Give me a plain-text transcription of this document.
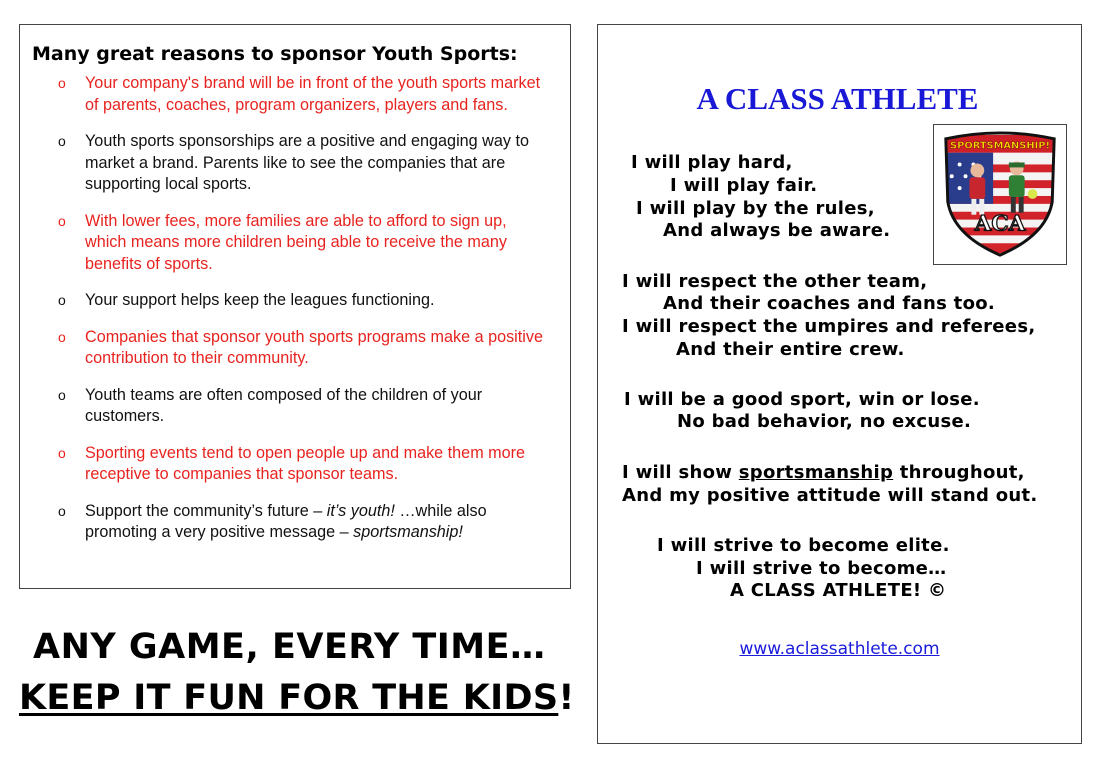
Many great reasons to sponsor Youth Sports:
o Your company's brand will be in front of the youth sports market of parents, coaches, program organizers, players and fans.
o Youth sports sponsorships are a positive and engaging way to market a brand. Parents like to see the companies that are supporting local sports.
o With lower fees, more families are able to afford to sign up, which means more children being able to receive the many benefits of sports.
o Your support helps keep the leagues functioning.
o Companies that sponsor youth sports programs make a positive contribution to their community.
o Youth teams are often composed of the children of your customers.
o Sporting events tend to open people up and make them more receptive to companies that sponsor teams.
o Support the community’s future – it’s youth! …while also promoting a very positive message – sportsmanship!
ANY GAME, EVERY TIME…
KEEP IT FUN FOR THE KIDS!
A CLASS ATHLETE
SPORTSMANSHIP!
ACA
I will play hard,
I will play fair.
I will play by the rules,
And always be aware.
I will respect the other team,
And their coaches and fans too.
I will respect the umpires and referees,
And their entire crew.
I will be a good sport, win or lose.
No bad behavior, no excuse.
I will show sportsmanship throughout,
And my positive attitude will stand out.
I will strive to become elite.
I will strive to become…
A CLASS ATHLETE! ©
www.aclassathlete.com
